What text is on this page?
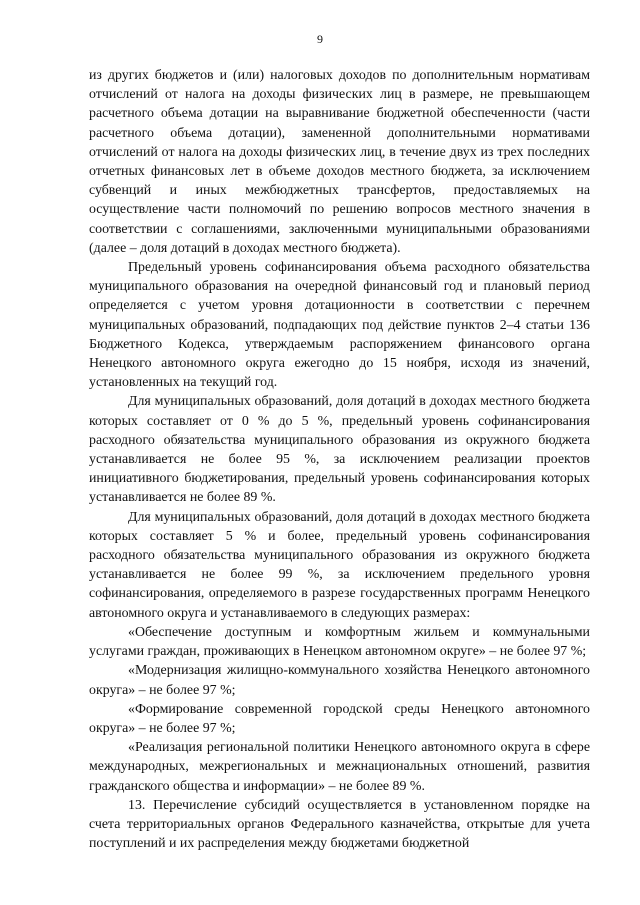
9

из других бюджетов и (или) налоговых доходов по дополнительным нормативам отчислений от налога на доходы физических лиц в размере, не превышающем расчетного объема дотации на выравнивание бюджетной обеспеченности (части расчетного объема дотации), замененной дополнительными нормативами отчислений от налога на доходы физических лиц, в течение двух из трех последних отчетных финансовых лет в объеме доходов местного бюджета, за исключением субвенций и иных межбюджетных трансфертов, предоставляемых на осуществление части полномочий по решению вопросов местного значения в соответствии с соглашениями, заключенными муниципальными образованиями (далее – доля дотаций в доходах местного бюджета).

Предельный уровень софинансирования объема расходного обязательства муниципального образования на очередной финансовый год и плановый период определяется с учетом уровня дотационности в соответствии с перечнем муниципальных образований, подпадающих под действие пунктов 2–4 статьи 136 Бюджетного Кодекса, утверждаемым распоряжением финансового органа Ненецкого автономного округа ежегодно до 15 ноября, исходя из значений, установленных на текущий год.

Для муниципальных образований, доля дотаций в доходах местного бюджета которых составляет от 0 % до 5 %, предельный уровень софинансирования расходного обязательства муниципального образования из окружного бюджета устанавливается не более 95 %, за исключением реализации проектов инициативного бюджетирования, предельный уровень софинансирования которых устанавливается не более 89 %.

Для муниципальных образований, доля дотаций в доходах местного бюджета которых составляет 5 % и более, предельный уровень софинансирования расходного обязательства муниципального образования из окружного бюджета устанавливается не более 99 %, за исключением предельного уровня софинансирования, определяемого в разрезе государственных программ Ненецкого автономного округа и устанавливаемого в следующих размерах:

«Обеспечение доступным и комфортным жильем и коммунальными услугами граждан, проживающих в Ненецком автономном округе» – не более 97 %;

«Модернизация жилищно-коммунального хозяйства Ненецкого автономного округа» – не более 97 %;

«Формирование современной городской среды Ненецкого автономного округа» – не более 97 %;

«Реализация региональной политики Ненецкого автономного округа в сфере международных, межрегиональных и межнациональных отношений, развития гражданского общества и информации» – не более 89 %.

13. Перечисление субсидий осуществляется в установленном порядке на счета территориальных органов Федерального казначейства, открытые для учета поступлений и их распределения между бюджетами бюджетной
